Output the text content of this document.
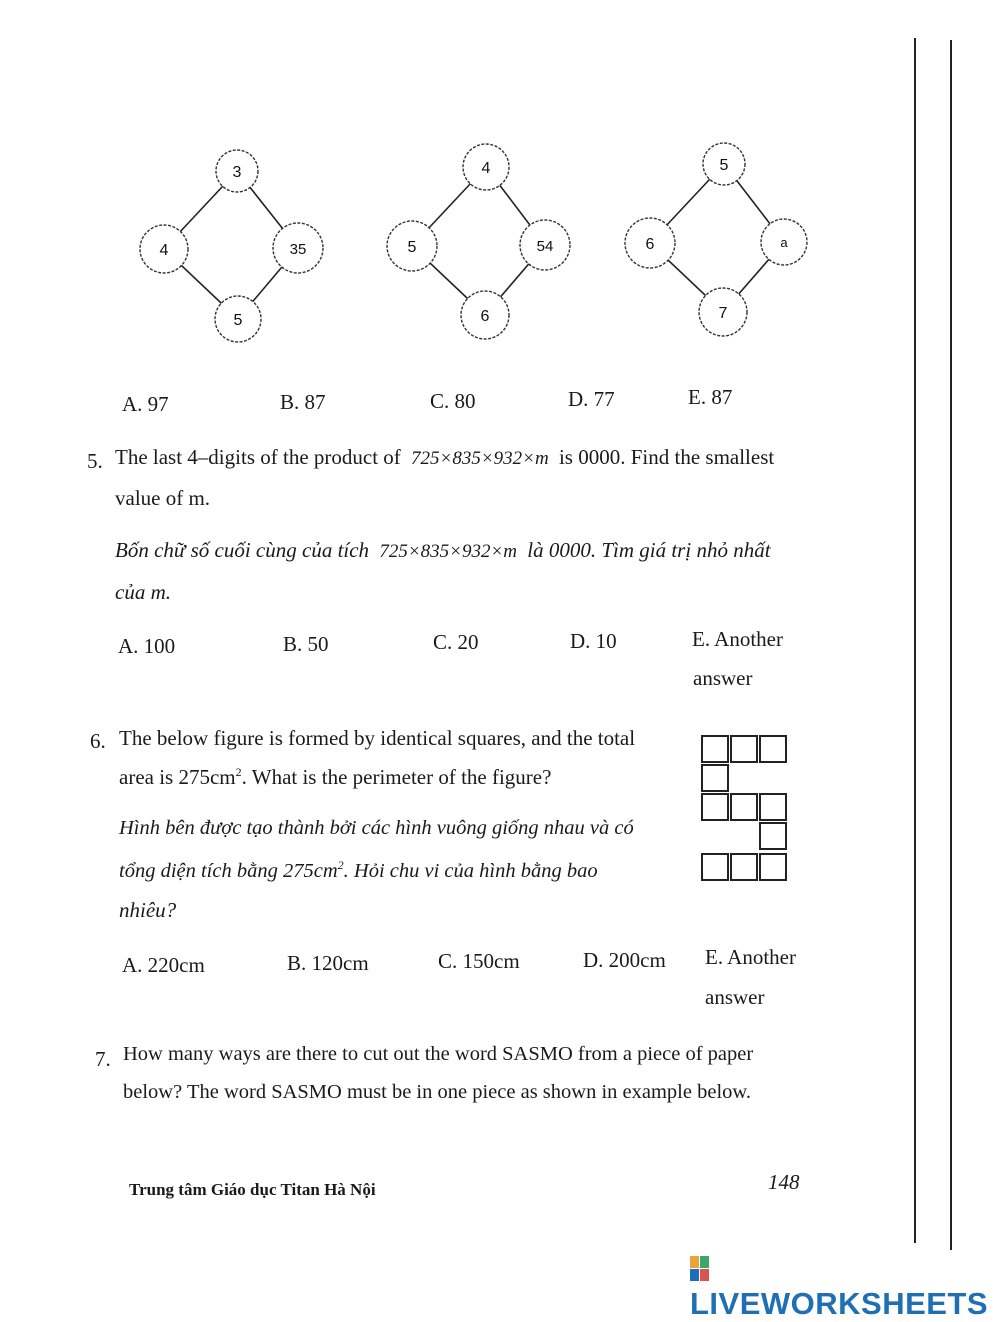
3
4	35
5
4
5	54
6
5
6	a
7
A. 97	B. 87	C. 80	D. 77	E. 87
5. The last 4–digits of the product of 725×835×932×m is 0000. Find the smallest
value of m.
Bốn chữ số cuối cùng của tích 725×835×932×m là 0000. Tìm giá trị nhỏ nhất
của m.
A. 100	B. 50	C. 20	D. 10	E. Another
answer
6. The below figure is formed by identical squares, and the total
area is $275cm^2$. What is the perimeter of the figure?
Hình bên được tạo thành bởi các hình vuông giống nhau và có
tổng diện tích bằng $275cm^2$. Hỏi chu vi của hình bằng bao
nhiêu?
A. 220cm	B. 120cm	C. 150cm	D. 200cm E. Another
answer
7. How many ways are there to cut out the word SASMO from a piece of paper
below? The word SASMO must be in one piece as shown in example below.
Trung tâm Giáo dục Titan Hà Nội	148
LIVEWORKSHEETS
